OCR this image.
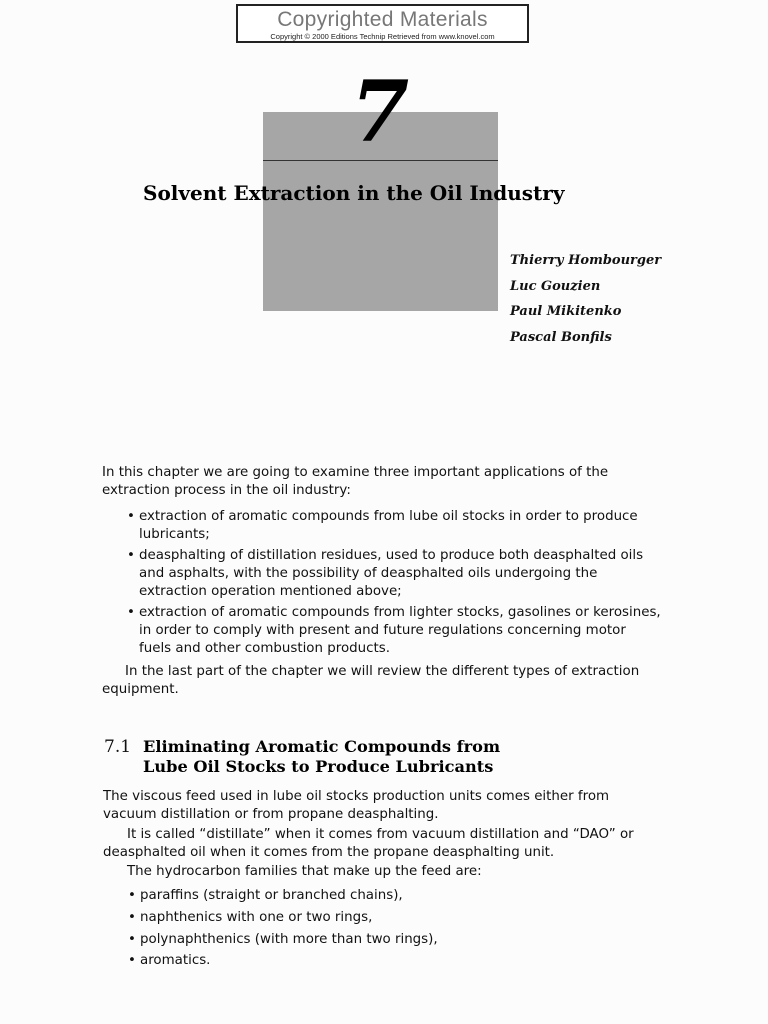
Copyrighted Materials
Copyright © 2000 Editions Technip Retrieved from www.knovel.com
7
Solvent Extraction in the Oil Industry
Thierry Hombourger
Luc Gouzien
Paul Mikitenko
Pascal Bonfils
In this chapter we are going to examine three important applications of the extraction process in the oil industry:
• extraction of aromatic compounds from lube oil stocks in order to produce lubricants;
• deasphalting of distillation residues, used to produce both deasphalted oils and asphalts, with the possibility of deasphalted oils undergoing the extraction operation mentioned above;
• extraction of aromatic compounds from lighter stocks, gasolines or kerosines, in order to comply with present and future regulations concerning motor fuels and other combustion products.
In the last part of the chapter we will review the different types of extraction equipment.
7.1 Eliminating Aromatic Compounds from
Lube Oil Stocks to Produce Lubricants
The viscous feed used in lube oil stocks production units comes either from vacuum distillation or from propane deasphalting.
It is called “distillate” when it comes from vacuum distillation and “DAO” or deasphalted oil when it comes from the propane deasphalting unit.
The hydrocarbon families that make up the feed are:
• paraffins (straight or branched chains),
• naphthenics with one or two rings,
• polynaphthenics (with more than two rings),
• aromatics.
